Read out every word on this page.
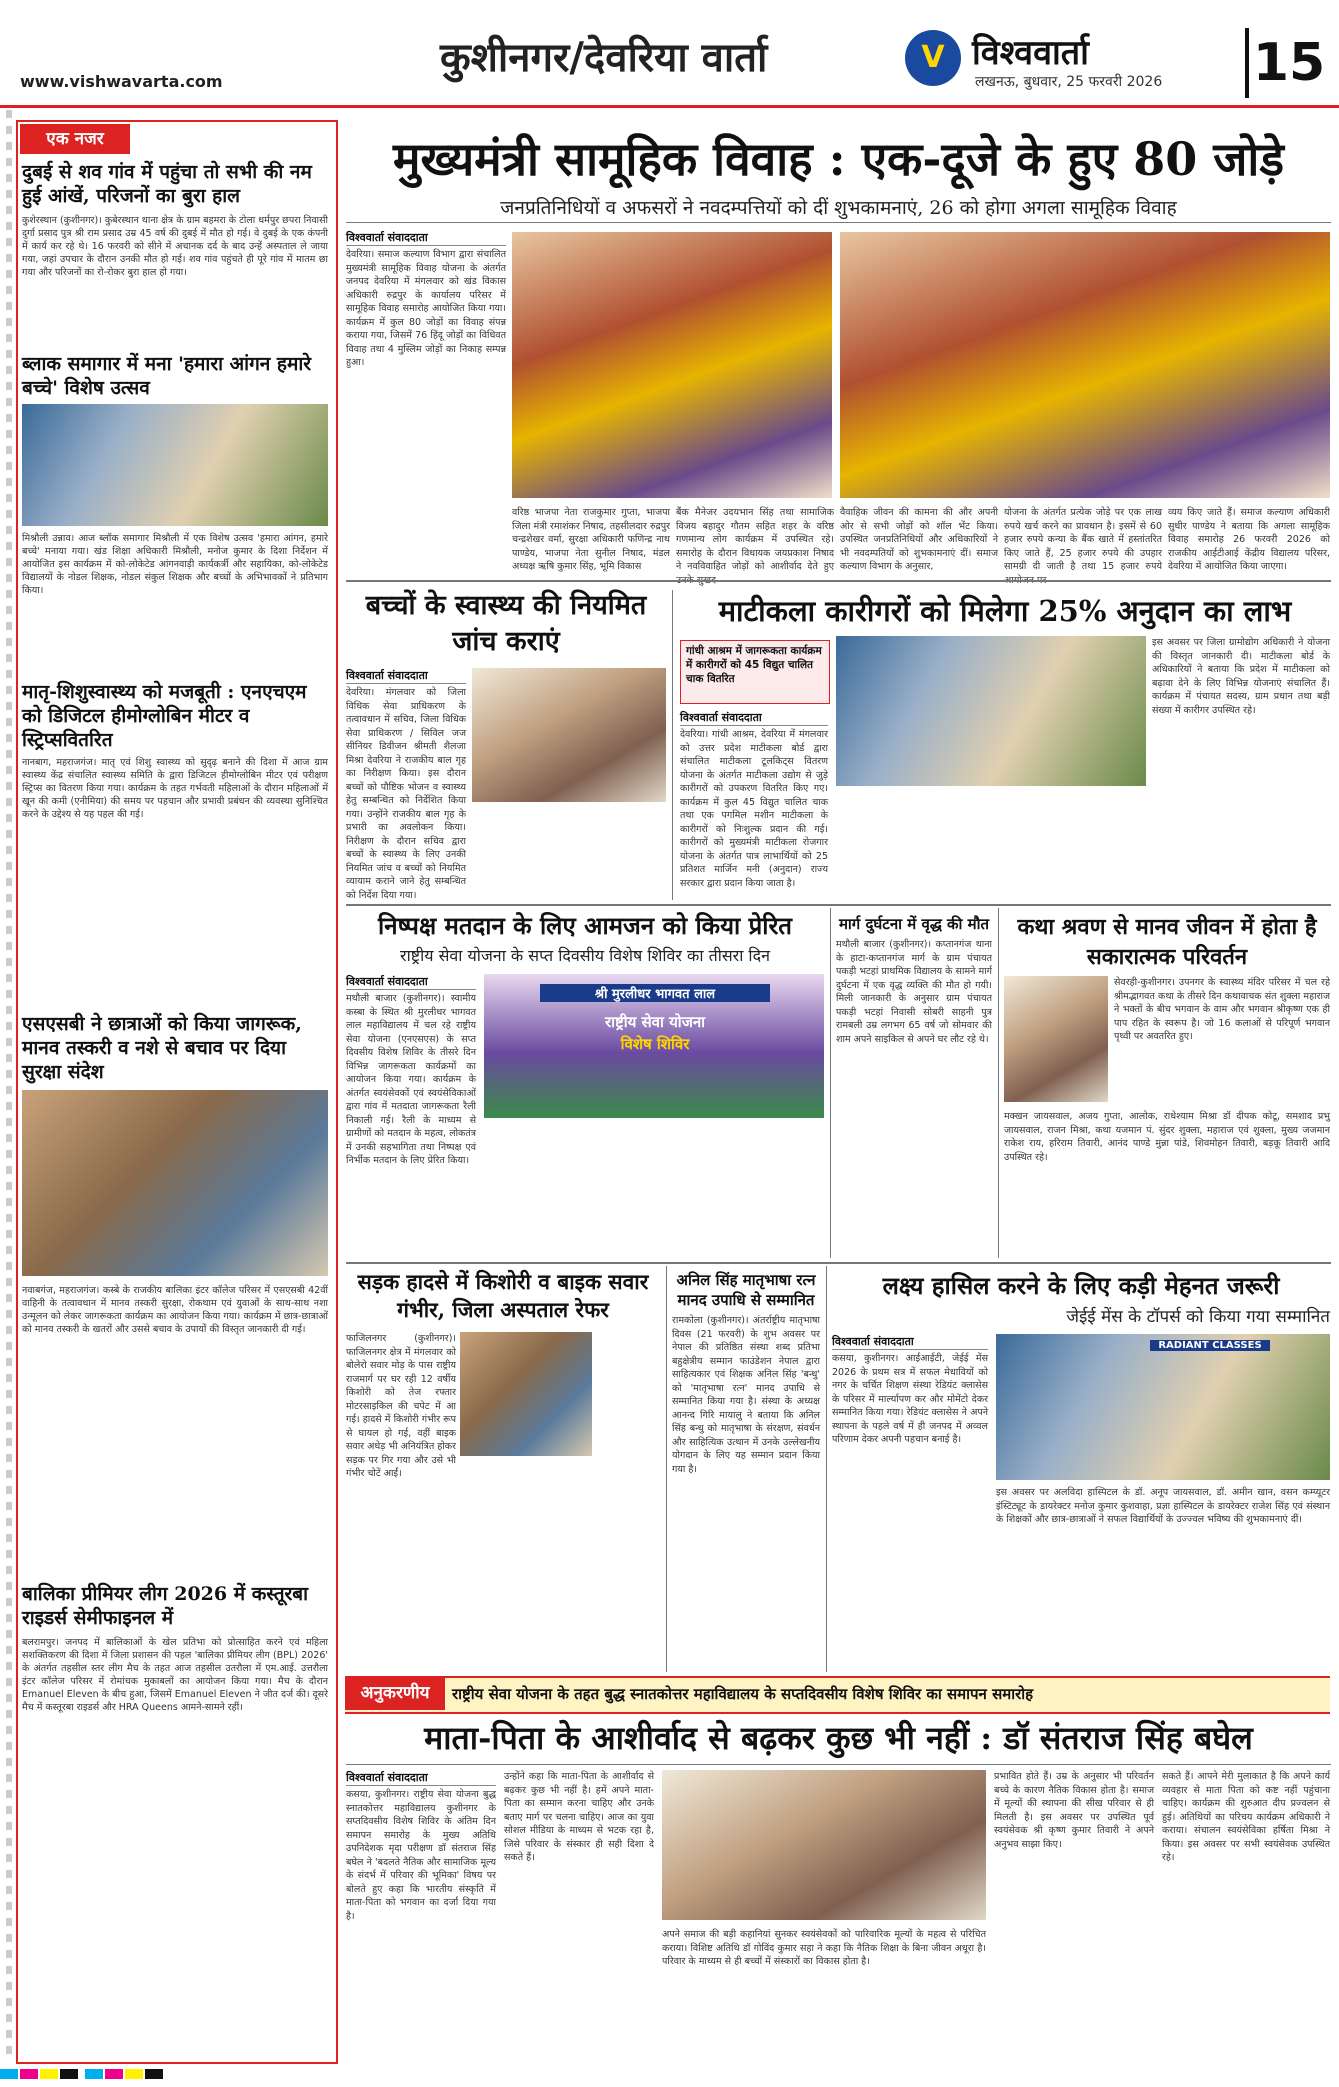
कुशीनगर/देवरिया वार्ता
www.vishwavarta.com
V विश्ववार्ता
लखनऊ, बुधवार, 25 फरवरी 2026 15
एक नजर
दुबई से शव गांव में पहुंचा तो सभी की नम हुई आंखें, परिजनों का बुरा हाल
कुशेरस्थान (कुशीनगर)। कुबेरस्थान थाना क्षेत्र के ग्राम बहमरा के टोला धर्मपुर छपरा निवासी दुर्गा प्रसाद पुत्र श्री राम प्रसाद उम्र 45 वर्ष की दुबई में मौत हो गई। वे दुबई के एक कंपनी में कार्य कर रहे थे। 16 फरवरी को सीने में अचानक दर्द के बाद उन्हें अस्पताल ले जाया गया, जहां उपचार के दौरान उनकी मौत हो गई। शव गांव पहुंचते ही पूरे गांव में मातम छा गया और परिजनों का रो-रोकर बुरा हाल हो गया।
ब्लाक समागार में मना 'हमारा आंगन हमारे बच्चे' विशेष उत्सव
मिश्रौली उन्नाव। आज ब्लॉक समागार मिश्रौली में एक विशेष उत्सव 'हमारा आंगन, हमारे बच्चे' मनाया गया। खंड शिक्षा अधिकारी मिश्रौली, मनोज कुमार के दिशा निर्देशन में आयोजित इस कार्यक्रम में को-लोकेटेड आंगनवाड़ी कार्यकर्त्री और सहायिका, को-लोकेटेड विद्यालयों के नोडल शिक्षक, नोडल संकुल शिक्षक और बच्चों के अभिभावकों ने प्रतिभाग किया।
मातृ-शिशुस्वास्थ्य को मजबूती : एनएचएम को डिजिटल हीमोग्लोबिन मीटर व स्ट्रिप्सवितरित
नानबाग, महराजगंज। मातृ एवं शिशु स्वास्थ्य को सुदृढ़ बनाने की दिशा में आज ग्राम स्वास्थ्य केंद्र संचालित स्वास्थ्य समिति के द्वारा डिजिटल हीमोग्लोबिन मीटर एवं परीक्षण स्ट्रिप्स का वितरण किया गया। कार्यक्रम के तहत गर्भवती महिलाओं के दौरान महिलाओं में खून की कमी (एनीमिया) की समय पर पहचान और प्रभावी प्रबंधन की व्यवस्था सुनिश्चित करने के उद्देश्य से यह पहल की गई।
एसएसबी ने छात्राओं को किया जागरूक, मानव तस्करी व नशे से बचाव पर दिया सुरक्षा संदेश
नवाबगंज, महराजगंज। कस्बे के राजकीय बालिका इंटर कॉलेज परिसर में एसएसबी 42वीं वाहिनी के तत्वावधान में मानव तस्करी सुरक्षा, रोकथाम एवं युवाओं के साथ-साथ नशा उन्मूलन को लेकर जागरूकता कार्यक्रम का आयोजन किया गया। कार्यक्रम में छात्र-छात्राओं को मानव तस्करी के खतरों और उससे बचाव के उपायों की विस्तृत जानकारी दी गई।
बालिका प्रीमियर लीग 2026 में कस्तूरबा राइडर्स सेमीफाइनल में
बलरामपुर। जनपद में बालिकाओं के खेल प्रतिभा को प्रोत्साहित करने एवं महिला सशक्तिकरण की दिशा में जिला प्रशासन की पहल 'बालिका प्रीमियर लीग (BPL) 2026' के अंतर्गत तहसील स्तर लीग मैच के तहत आज तहसील उतरौला में एम.आई. उत्तरौला इंटर कॉलेज परिसर में रोमांचक मुकाबलों का आयोजन किया गया। मैच के दौरान Emanuel Eleven के बीच हुआ, जिसमें Emanuel Eleven ने जीत दर्ज की। दूसरे मैच में कस्तूरबा राइडर्स और HRA Queens आमने-सामने रहीं।
मुख्यमंत्री सामूहिक विवाह : एक-दूजे के हुए 80 जोड़े
जनप्रतिनिधियों व अफसरों ने नवदम्पत्तियों को दीं शुभकामनाएं, 26 को होगा अगला सामूहिक विवाह
विश्ववार्ता संवाददाता
देवरिया। समाज कल्याण विभाग द्वारा संचालित मुख्यमंत्री सामूहिक विवाह योजना के अंतर्गत जनपद देवरिया में मंगलवार को खंड विकास अधिकारी रुद्रपुर के कार्यालय परिसर में सामूहिक विवाह समारोह आयोजित किया गया। कार्यक्रम में कुल 80 जोड़ों का विवाह संपन्न कराया गया, जिसमें 76 हिंदू जोड़ों का विधिवत विवाह तथा 4 मुस्लिम जोड़ों का निकाह सम्पन्न हुआ।
वरिष्ठ भाजपा नेता राजकुमार गुप्ता, भाजपा जिला मंत्री रमाशंकर निषाद, तहसीलदार रुद्रपुर चन्द्रशेखर वर्मा, सुरक्षा अधिकारी फणिन्द्र नाथ पाण्डेय, भाजपा नेता सुनील निषाद, मंडल अध्यक्ष ऋषि कुमार सिंह, भूमि विकास
बैंक मैनेजर उदयभान सिंह तथा सामाजिक विजय बहादुर गौतम सहित शहर के वरिष्ठ गणमान्य लोग कार्यक्रम में उपस्थित रहे। समारोह के दौरान विधायक जयप्रकाश निषाद ने नवविवाहित जोड़ों को आशीर्वाद देते हुए
वैवाहिक जीवन की कामना की और अपनी ओर से सभी जोड़ों को शॉल भेंट किया। उपस्थित जनप्रतिनिधियों और अधिकारियों ने भी नवदम्पतियों को शुभकामनाएं दीं। समाज कल्याण विभाग के अनुसार,
योजना के अंतर्गत प्रत्येक जोड़े पर एक लाख रुपये खर्च करने का प्रावधान है। इसमें से 60 हजार रुपये कन्या के बैंक खाते में हस्तांतरित किए जाते हैं, 25 हजार रुपये की उपहार सामग्री दी जाती है तथा 15 हजार रुपये
व्यय किए जाते हैं। समाज कल्याण अधिकारी सुधीर पाण्डेय ने बताया कि अगला सामूहिक विवाह समारोह 26 फरवरी 2026 को राजकीय आईटीआई केंद्रीय विद्यालय परिसर, देवरिया में आयोजित किया जाएगा।
बच्चों के स्वास्थ्य की नियमित जांच कराएं
विश्ववार्ता संवाददाता
देवरिया। मंगलवार को जिला विधिक सेवा प्राधिकरण के तत्वावधान में सचिव, जिला विधिक सेवा प्राधिकरण / सिविल जज सीनियर डिवीजन श्रीमती शैलजा मिश्रा देवरिया ने राजकीय बाल गृह का निरीक्षण किया। इस दौरान बच्चों को पौष्टिक भोजन व स्वास्थ्य हेतु सम्बन्धित को निर्देशित किया गया। उन्होंने राजकीय बाल गृह के प्रभारी का अवलोकन किया। निरीक्षण के दौरान सचिव द्वारा बच्चों के स्वास्थ्य के लिए उनकी नियमित जांच व बच्चों को नियमित व्यायाम कराने जाने हेतु सम्बन्धित को निर्देश दिया गया।
माटीकला कारीगरों को मिलेगा 25% अनुदान का लाभ
गांधी आश्रम में जागरूकता कार्यक्रम में कारीगरों को 45 विद्युत चालित चाक वितरित
विश्ववार्ता संवाददाता
देवरिया। गांधी आश्रम, देवरिया में मंगलवार को उत्तर प्रदेश माटीकला बोर्ड द्वारा संचालित माटीकला टूलकिट्स वितरण योजना के अंतर्गत माटीकला उद्योग से जुड़े कारीगरों को उपकरण वितरित किए गए। कार्यक्रम में कुल 45 विद्युत चालित चाक तथा एक पगमिल मशीन माटीकला के कारीगरों को निःशुल्क प्रदान की गई। कारीगरों को मुख्यमंत्री माटीकला रोजगार योजना के अंतर्गत पात्र लाभार्थियों को 25 प्रतिशत मार्जिन मनी (अनुदान) राज्य सरकार द्वारा प्रदान किया जाता है।
इस अवसर पर जिला ग्रामोद्योग अधिकारी ने योजना की विस्तृत जानकारी दी। माटीकला बोर्ड के अधिकारियों ने बताया कि प्रदेश में माटीकला को बढ़ावा देने के लिए विभिन्न योजनाएं संचालित हैं। कार्यक्रम में पंचायत सदस्य, ग्राम प्रधान तथा बड़ी संख्या में कारीगर उपस्थित रहे।
निष्पक्ष मतदान के लिए आमजन को किया प्रेरित
राष्ट्रीय सेवा योजना के सप्त दिवसीय विशेष शिविर का तीसरा दिन
विश्ववार्ता संवाददाता
मथौली बाजार (कुशीनगर)। स्वामीय कस्बा के स्थित श्री मुरलीधर भागवत लाल महाविद्यालय में चल रहे राष्ट्रीय सेवा योजना (एनएसएस) के सप्त दिवसीय विशेष शिविर के तीसरे दिन विभिन्न जागरूकता कार्यक्रमों का आयोजन किया गया। कार्यक्रम के अंतर्गत स्वयंसेवकों एवं स्वयंसेविकाओं द्वारा गांव में मतदाता जागरूकता रैली निकाली गई। रैली के माध्यम से ग्रामीणों को मतदान के महत्व, लोकतंत्र में उनकी सहभागिता तथा निष्पक्ष एवं निर्भीक मतदान के लिए प्रेरित किया।
श्री मुरलीधर भागवत लाल
राष्ट्रीय सेवा योजना
विशेष शिविर
मार्ग दुर्घटना में वृद्ध की मौत
मथौली बाजार (कुशीनगर)। कप्तानगंज थाना के हाटा-कप्तानगंज मार्ग के ग्राम पंचायत पकड़ी भटहां प्राथमिक विद्यालय के सामने मार्ग दुर्घटना में एक वृद्ध व्यक्ति की मौत हो गयी। मिली जानकारी के अनुसार ग्राम पंचायत पकड़ी भटहां निवासी सोबरी साहनी पुत्र रामबली उम्र लगभग 65 वर्ष जो सोमवार की शाम अपने साइकिल से अपने घर लौट रहे थे।
कथा श्रवण से मानव जीवन में होता है सकारात्मक परिवर्तन
सेवरही-कुशीनगर। उपनगर के स्वास्थ्य मंदिर परिसर में चल रहे श्रीमद्भागवत कथा के तीसरे दिन कथावाचक संत शुक्ला महाराज ने भक्तों के बीच भगवान के वाम और भगवान श्रीकृष्ण एक ही पाप रहित के स्वरूप है। जो 16 कलाओं से परिपूर्ण भगवान पृथ्वी पर अवतरित हुए।
मक्खन जायसवाल, अजय गुप्ता, आलोक, राधेश्याम मिश्रा डॉ दीपक कोटू, समशाद प्रभु जायसवाल, राजन मिश्रा, कथा यजमान पं. सुंदर शुक्ला, महाराज एवं शुक्ला, मुख्य जजमान राकेश राय, हरिराम तिवारी, आनंद पाण्डे मुन्ना पांडे, शिवमोहन तिवारी, बड़कू तिवारी आदि उपस्थित रहे।
सड़क हादसे में किशोरी व बाइक सवार गंभीर, जिला अस्पताल रेफर
फाजिलनगर (कुशीनगर)। फाजिलनगर क्षेत्र में मंगलवार को बोलेरो सवार मोड़ के पास राष्ट्रीय राजमार्ग पर घर रही 12 वर्षीय किशोरी को तेज रफ्तार मोटरसाइकिल की चपेट में आ गई। हादसे में किशोरी गंभीर रूप से घायल हो गई, वहीं बाइक सवार अधेड़ भी अनियंत्रित होकर सड़क पर गिर गया और उसे भी गंभीर चोटें आईं।
अनिल सिंह मातृभाषा रत्न मानद उपाधि से सम्मानित
रामकोला (कुशीनगर)। अंतर्राष्ट्रीय मातृभाषा दिवस (21 फरवरी) के शुभ अवसर पर नेपाल की प्रतिष्ठित संस्था शब्द प्रतिभा बहुक्षेत्रीय सम्मान फाउंडेशन नेपाल द्वारा साहित्यकार एवं शिक्षक अनिल सिंह 'बन्धु' को 'मातृभाषा रत्न' मानद उपाधि से सम्मानित किया गया है। संस्था के अध्यक्ष आनन्द गिरि मायालु ने बताया कि अनिल सिंह बन्धु को मातृभाषा के संरक्षण, संवर्धन और साहित्यिक उत्थान में उनके उल्लेखनीय योगदान के लिए यह सम्मान प्रदान किया गया है।
लक्ष्य हासिल करने के लिए कड़ी मेहनत जरूरी
जेईई मेंस के टॉपर्स को किया गया सम्मानित
विश्ववार्ता संवाददाता
कसया, कुशीनगर। आईआईटी, जेईई मेंस 2026 के प्रथम सत्र में सफल मेधावियों को नगर के चर्चित शिक्षण संस्था रेडियंट क्लासेस के परिसर में मार्ल्यापण कर और मोमेंटो देकर सम्मानित किया गया। रेडियंट क्लासेस ने अपने स्थापना के पहले वर्ष में ही जनपद में अव्वल परिणाम देकर अपनी पहचान बनाई है।
RADIANT CLASSES
इस अवसर पर अलविदा हास्पिटल के डॉ. अनूप जायसवाल, डॉ. अमीन खान, वसन कम्प्यूटर इंस्टिट्यूट के डायरेक्टर मनोज कुमार कुशवाहा, प्रज्ञा हास्पिटल के डायरेक्टर राजेश सिंह एवं संस्थान के शिक्षकों और छात्र-छात्राओं ने सफल विद्यार्थियों के उज्ज्वल भविष्य की शुभकामनाएं दीं।
अनुकरणीय	राष्ट्रीय सेवा योजना के तहत बुद्ध स्नातकोत्तर महाविद्यालय के सप्तदिवसीय विशेष शिविर का समापन समारोह
माता-पिता के आशीर्वाद से बढ़कर कुछ भी नहीं : डॉ संतराज सिंह बघेल
विश्ववार्ता संवाददाता
कसया, कुशीनगर। राष्ट्रीय सेवा योजना बुद्ध स्नातकोत्तर महाविद्यालय कुशीनगर के सप्तदिवसीय विशेष शिविर के अंतिम दिन समापन समारोह के मुख्य अतिथि उपनिदेशक मृदा परीक्षण डॉ संतराज सिंह बघेल ने 'बदलते नैतिक और सामाजिक मूल्य के संदर्भ में परिवार की भूमिका' विषय पर बोलते हुए कहा कि भारतीय संस्कृति में माता-पिता को भगवान का दर्जा दिया गया है।
उन्होंने कहा कि माता-पिता के आशीर्वाद से बढ़कर कुछ भी नहीं है। हमें अपने माता-पिता का सम्मान करना चाहिए और उनके बताए मार्ग पर चलना चाहिए। आज का युवा सोशल मीडिया के माध्यम से भटक रहा है, जिसे परिवार के संस्कार ही सही दिशा दे सकते हैं।
अपने समाज की बड़ी कहानियां सुनकर स्वयंसेवकों को पारिवारिक मूल्यों के महत्व से परिचित कराया। विशिष्ट अतिथि डॉ गोविंद कुमार सहा ने कहा कि नैतिक शिक्षा के बिना जीवन अधूरा है। परिवार के माध्यम से ही बच्चों में संस्कारों का विकास होता है।
प्रभावित होते हैं। उम्र के अनुसार भी परिवर्तन बच्चे के कारण नैतिक विकास होता है। समाज में मूल्यों की स्थापना की सीख परिवार से ही मिलती है। इस अवसर पर उपस्थित पूर्व स्वयंसेवक श्री कृष्ण कुमार तिवारी ने अपने अनुभव साझा किए।
सकते हैं। आपने मेरी मुलाकात है कि अपने कार्य व्यवहार से माता पिता को कष्ट नहीं पहुंचाना चाहिए। कार्यक्रम की शुरुआत दीप प्रज्वलन से हुई। अतिथियों का परिचय कार्यक्रम अधिकारी ने कराया। संचालन स्वयंसेविका हर्षिता मिश्रा ने किया। इस अवसर पर सभी स्वयंसेवक उपस्थित रहे।
